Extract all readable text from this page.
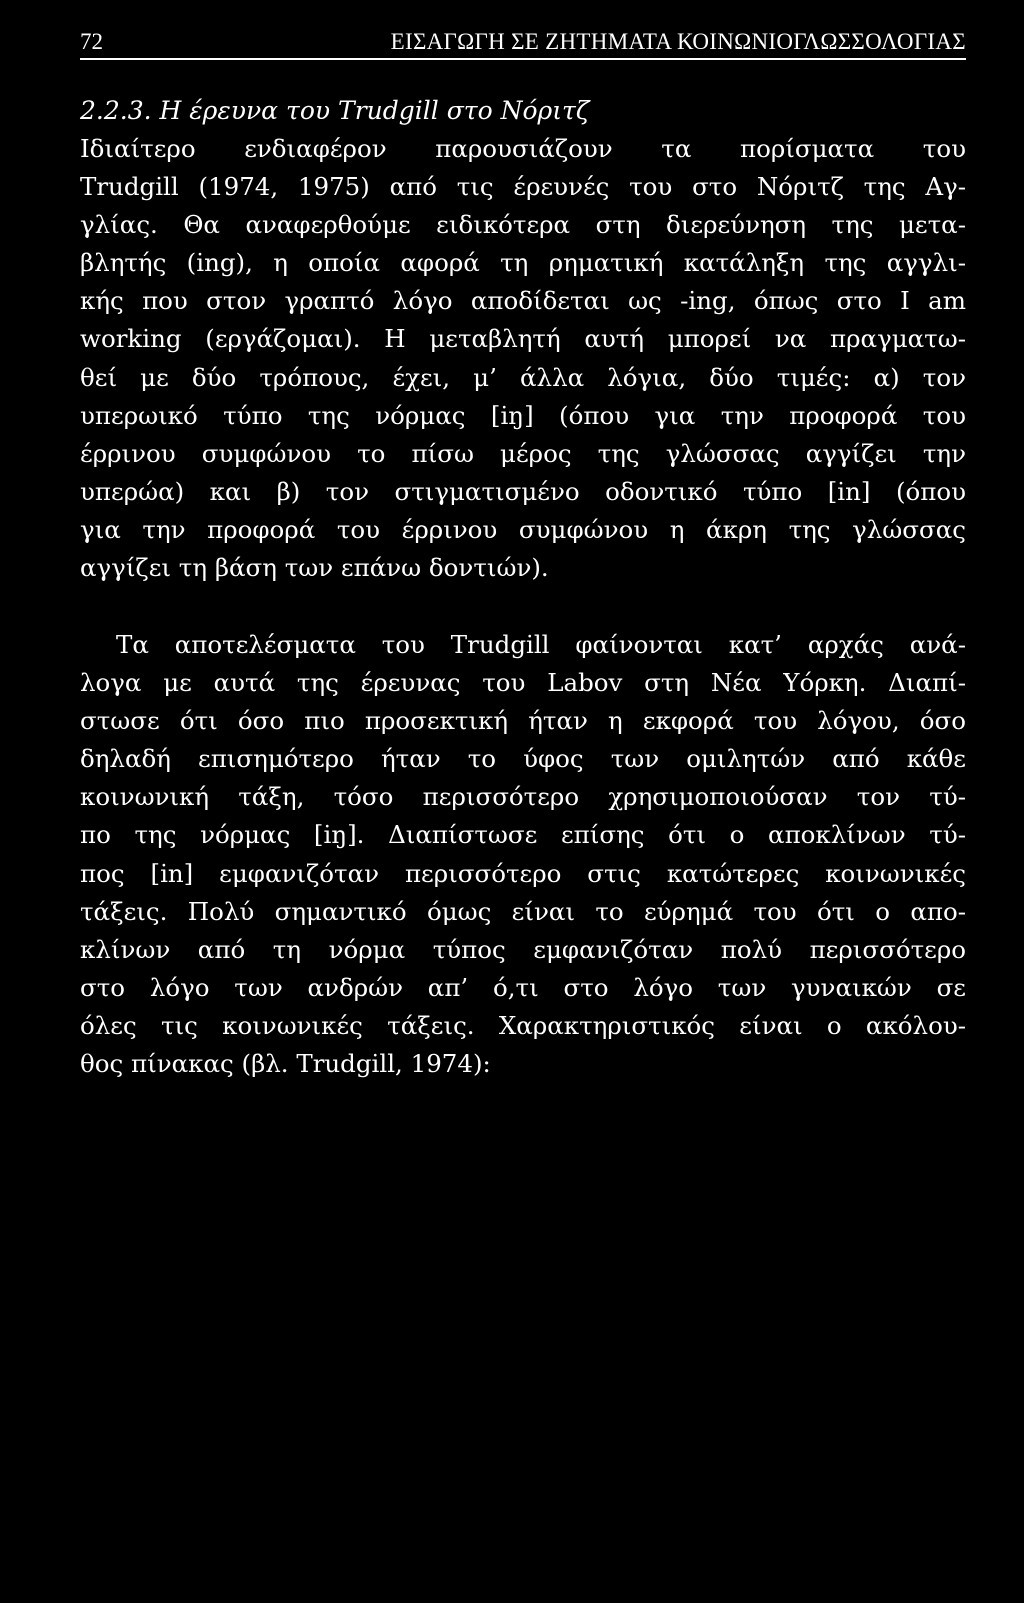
72	ΕΙΣΑΓΩΓΗ ΣΕ ΖΗΤΗΜΑΤΑ ΚΟΙΝΩΝΙΟΓΛΩΣΣΟΛΟΓΙΑΣ
2.2.3. Η έρευνα του Trudgill στο Νόριτζ

Ιδιαίτερο ενδιαφέρον παρουσιάζουν τα πορίσματα του
Trudgill (1974, 1975) από τις έρευνές του στο Νόριτζ της Αγ-
γλίας. Θα αναφερθούμε ειδικότερα στη διερεύνηση της μετα-
βλητής (ing), η οποία αφορά τη ρηματική κατάληξη της αγγλι-
κής που στον γραπτό λόγο αποδίδεται ως -ing, όπως στο I am
working (εργάζομαι). Η μεταβλητή αυτή μπορεί να πραγματω-
θεί με δύο τρόπους, έχει, μ’ άλλα λόγια, δύο τιμές: α) τον
υπερωικό τύπο της νόρμας [iŋ] (όπου για την προφορά του
έρρινου συμφώνου το πίσω μέρος της γλώσσας αγγίζει την
υπερώα) και β) τον στιγματισμένο οδοντικό τύπο [in] (όπου
για την προφορά του έρρινου συμφώνου η άκρη της γλώσσας
αγγίζει τη βάση των επάνω δοντιών).

Τα αποτελέσματα του Trudgill φαίνονται κατ’ αρχάς ανά-
λογα με αυτά της έρευνας του Labov στη Νέα Υόρκη. Διαπί-
στωσε ότι όσο πιο προσεκτική ήταν η εκφορά του λόγου, όσο
δηλαδή επισημότερο ήταν το ύφος των ομιλητών από κάθε
κοινωνική τάξη, τόσο περισσότερο χρησιμοποιούσαν τον τύ-
πο της νόρμας [iŋ]. Διαπίστωσε επίσης ότι ο αποκλίνων τύ-
πος [in] εμφανιζόταν περισσότερο στις κατώτερες κοινωνικές
τάξεις. Πολύ σημαντικό όμως είναι το εύρημά του ότι ο απο-
κλίνων από τη νόρμα τύπος εμφανιζόταν πολύ περισσότερο
στο λόγο των ανδρών απ’ ό,τι στο λόγο των γυναικών σε
όλες τις κοινωνικές τάξεις. Χαρακτηριστικός είναι ο ακόλου-
θος πίνακας (βλ. Trudgill, 1974):
